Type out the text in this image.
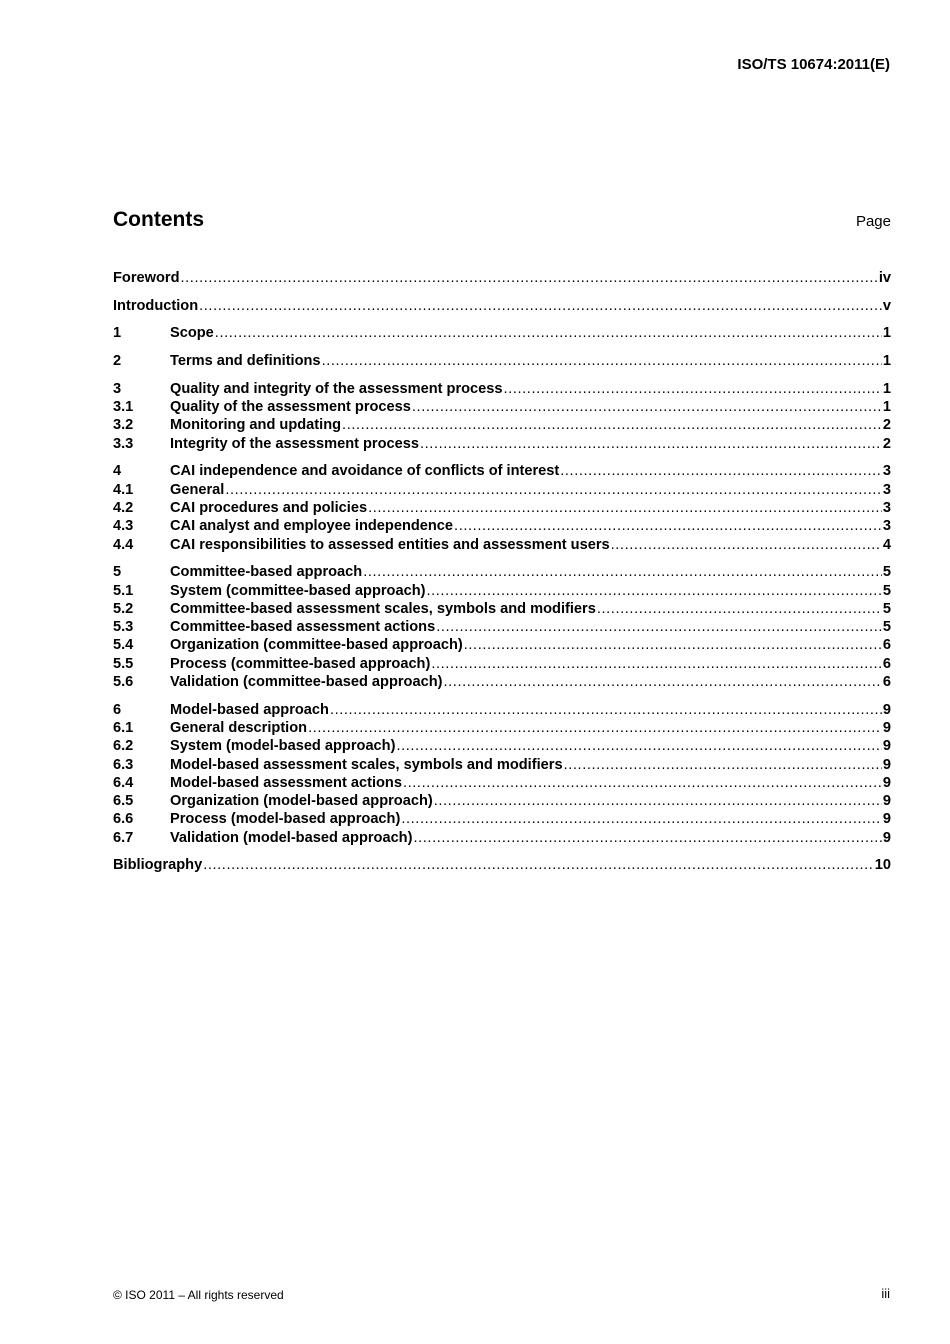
ISO/TS 10674:2011(E)
Contents	Page
Foreword .....	iv
Introduction .....	v
1	Scope .....	1
2	Terms and definitions .....	1
3	Quality and integrity of the assessment process .....	1
3.1	Quality of the assessment process .....	1
3.2	Monitoring and updating .....	2
3.3	Integrity of the assessment process .....	2
4	CAI independence and avoidance of conflicts of interest .....	3
4.1	General .....	3
4.2	CAI procedures and policies .....	3
4.3	CAI analyst and employee independence .....	3
4.4	CAI responsibilities to assessed entities and assessment users .....	4
5	Committee-based approach .....	5
5.1	System (committee-based approach) .....	5
5.2	Committee-based assessment scales, symbols and modifiers .....	5
5.3	Committee-based assessment actions .....	5
5.4	Organization (committee-based approach) .....	6
5.5	Process (committee-based approach) .....	6
5.6	Validation (committee-based approach) .....	6
6	Model-based approach .....	9
6.1	General description .....	9
6.2	System (model-based approach) .....	9
6.3	Model-based assessment scales, symbols and modifiers .....	9
6.4	Model-based assessment actions .....	9
6.5	Organization (model-based approach) .....	9
6.6	Process (model-based approach) .....	9
6.7	Validation (model-based approach) .....	9
Bibliography .....	10
© ISO 2011 – All rights reserved	iii
